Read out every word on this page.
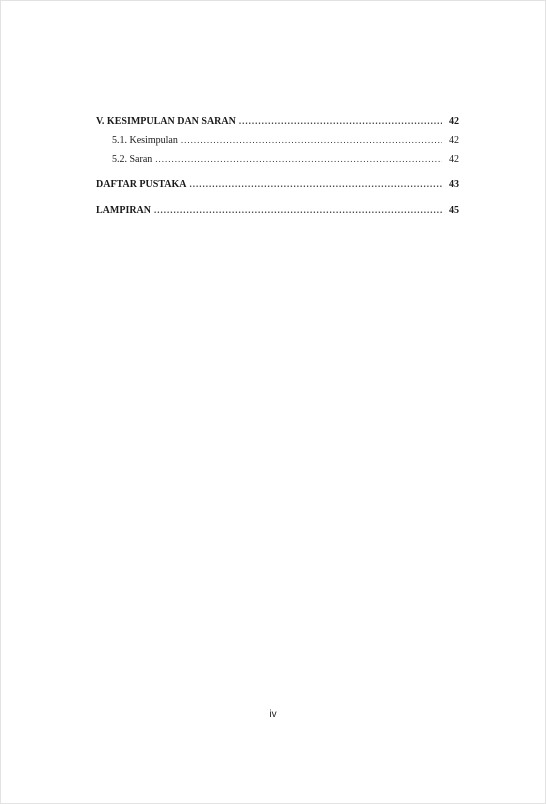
V. KESIMPULAN DAN SARAN .....	42
5.1. Kesimpulan .....	42
5.2. Saran .....	42
DAFTAR PUSTAKA .....	43
LAMPIRAN .....	45
iv
